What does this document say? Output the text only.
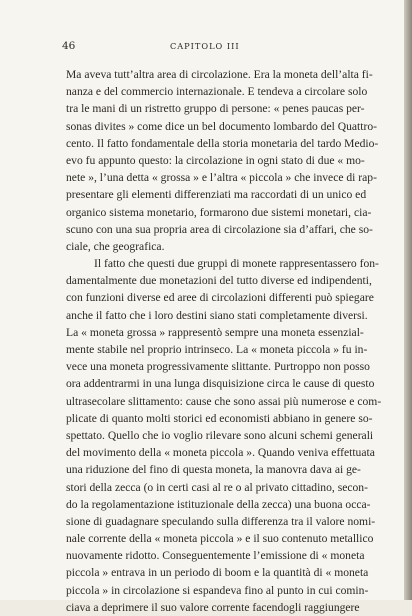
46	CAPITOLO III
Ma aveva tutt’altra area di circolazione. Era la moneta dell’alta fi-
nanza e del commercio internazionale. E tendeva a circolare solo
tra le mani di un ristretto gruppo di persone: « penes paucas per-
sonas divites » come dice un bel documento lombardo del Quattro-
cento. Il fatto fondamentale della storia monetaria del tardo Medio-
evo fu appunto questo: la circolazione in ogni stato di due « mo-
nete », l’una detta « grossa » e l’altra « piccola » che invece di rap-
presentare gli elementi differenziati ma raccordati di un unico ed
organico sistema monetario, formarono due sistemi monetari, cia-
scuno con una sua propria area di circolazione sia d’affari, che so-
ciale, che geografica.
Il fatto che questi due gruppi di monete rappresentassero fon-
damentalmente due monetazioni del tutto diverse ed indipendenti,
con funzioni diverse ed aree di circolazioni differenti può spiegare
anche il fatto che i loro destini siano stati completamente diversi.
La « moneta grossa » rappresentò sempre una moneta essenzial-
mente stabile nel proprio intrinseco. La « moneta piccola » fu in-
vece una moneta progressivamente slittante. Purtroppo non posso
ora addentrarmi in una lunga disquisizione circa le cause di questo
ultrasecolare slittamento: cause che sono assai più numerose e com-
plicate di quanto molti storici ed economisti abbiano in genere so-
spettato. Quello che io voglio rilevare sono alcuni schemi generali
del movimento della « moneta piccola ». Quando veniva effettuata
una riduzione del fino di questa moneta, la manovra dava ai ge-
stori della zecca (o in certi casi al re o al privato cittadino, secon-
do la regolamentazione istituzionale della zecca) una buona occa-
sione di guadagnare speculando sulla differenza tra il valore nomi-
nale corrente della « moneta piccola » e il suo contenuto metallico
nuovamente ridotto. Conseguentemente l’emissione di « moneta
piccola » entrava in un periodo di boom e la quantità di « moneta
piccola » in circolazione si espandeva fino al punto in cui comin-
ciava a deprimere il suo valore corrente facendogli raggiungere
